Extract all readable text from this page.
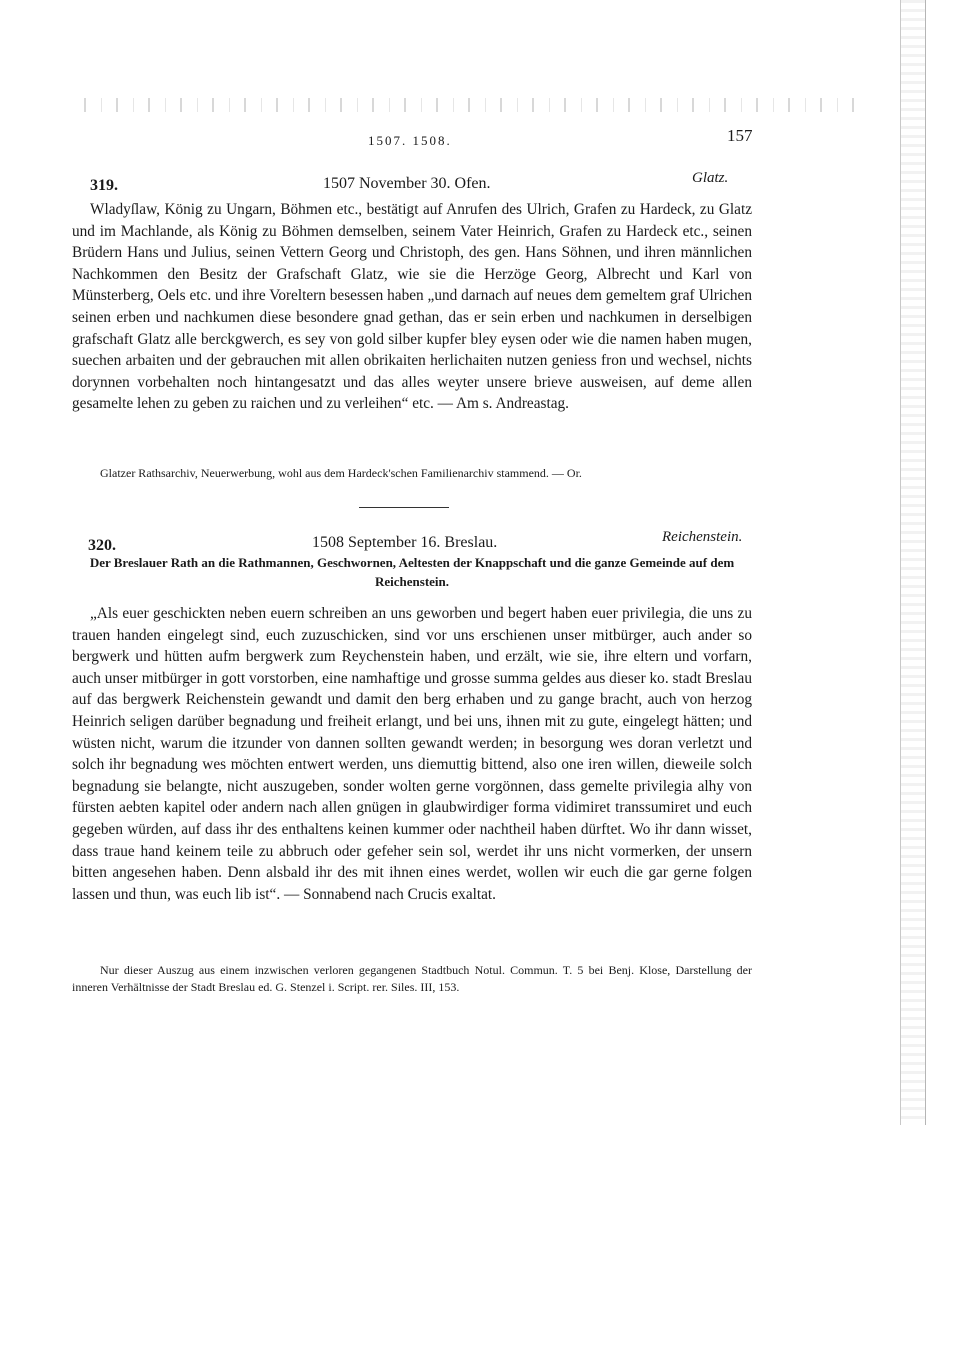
1507. 1508.	157
319.	1507 November 30. Ofen.	Glatz.

Wladyſlaw, König zu Ungarn, Böhmen etc., bestätigt auf Anrufen des Ulrich, Grafen zu Hardeck, zu Glatz und im Machlande, als König zu Böhmen demselben, seinem Vater Heinrich, Grafen zu Hardeck etc., seinen Brüdern Hans und Julius, seinen Vettern Georg und Christoph, des gen. Hans Söhnen, und ihren männlichen Nachkommen den Besitz der Grafschaft Glatz, wie sie die Herzöge Georg, Albrecht und Karl von Münsterberg, Oels etc. und ihre Voreltern besessen haben „und darnach auf neues dem gemeltem graf Ulrichen seinen erben und nachkumen diese besondere gnad gethan, das er sein erben und nachkumen in derselbigen grafschaft Glatz alle berckgwerch, es sey von gold silber kupfer bley eysen oder wie die namen haben mugen, suechen arbaiten und der gebrauchen mit allen obrikaiten herlichaiten nutzen geniess fron und wechsel, nichts dorynnen vorbehalten noch hintangesatzt und das alles weyter unsere brieve ausweisen, auf deme allen gesamelte lehen zu geben zu raichen und zu verleihen“ etc. — Am s. Andreastag.

Glatzer Rathsarchiv, Neuerwerbung, wohl aus dem Hardeck'schen Familienarchiv stammend. — Or.

320.	1508 September 16. Breslau.	Reichenstein.

Der Breslauer Rath an die Rathmannen, Geschwornen, Aeltesten der Knappschaft und die ganze Gemeinde auf dem Reichenstein.

„Als euer geschickten neben euern schreiben an uns geworben und begert haben euer privilegia, die uns zu trauen handen eingelegt sind, euch zuzuschicken, sind vor uns erschienen unser mitbürger, auch ander so bergwerk und hütten aufm bergwerk zum Reychenstein haben, und erzält, wie sie, ihre eltern und vorfarn, auch unser mitbürger in gott vorstorben, eine namhaftige und grosse summa geldes aus dieser ko. stadt Breslau auf das bergwerk Reichenstein gewandt und damit den berg erhaben und zu gange bracht, auch von herzog Heinrich seligen darüber begnadung und freiheit erlangt, und bei uns, ihnen mit zu gute, eingelegt hätten; und wüsten nicht, warum die itzunder von dannen sollten gewandt werden; in besorgung wes doran verletzt und solch ihr begnadung wes möchten entwert werden, uns diemuttig bittend, also one iren willen, dieweile solch begnadung sie belangte, nicht auszugeben, sonder wolten gerne vorgönnen, dass gemelte privilegia alhy von fürsten aebten kapitel oder andern nach allen gnügen in glaubwirdiger forma vidimiret transsumiret und euch gegeben würden, auf dass ihr des enthaltens keinen kummer oder nachtheil haben dürftet. Wo ihr dann wisset, dass traue hand keinem teile zu abbruch oder gefeher sein sol, werdet ihr uns nicht vormerken, der unsern bitten angesehen haben. Denn alsbald ihr des mit ihnen eines werdet, wollen wir euch die gar gerne folgen lassen und thun, was euch lib ist“. — Sonnabend nach Crucis exaltat.

Nur dieser Auszug aus einem inzwischen verloren gegangenen Stadtbuch Notul. Commun. T. 5 bei Benj. Klose, Darstellung der inneren Verhältnisse der Stadt Breslau ed. G. Stenzel i. Script. rer. Siles. III, 153.
